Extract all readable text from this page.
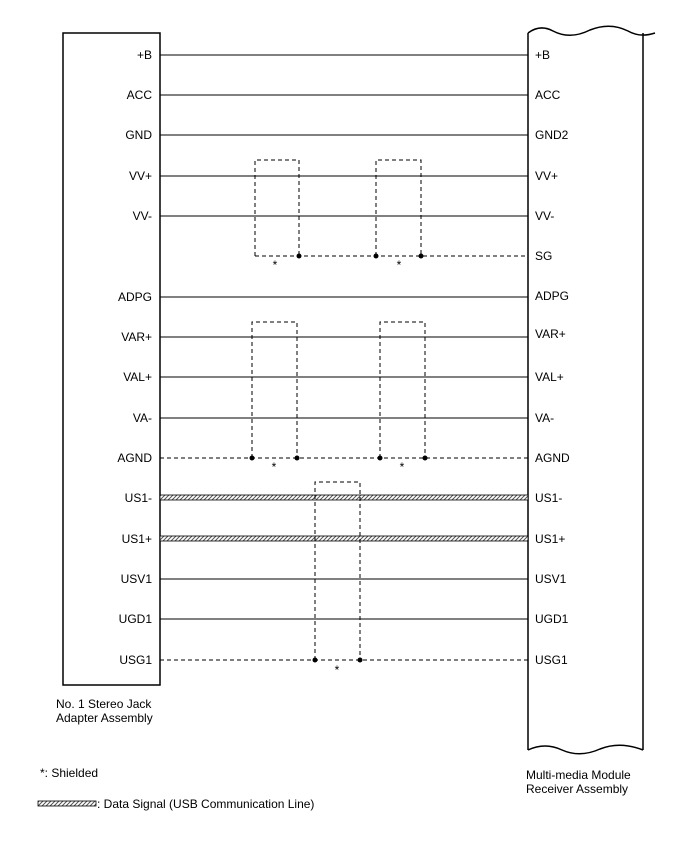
*	*
*	*
*
+B
ACC
GND
VV+
VV-
ADPG
VAR+
VAL+
VA-
AGND
US1-
US1+
USV1
UGD1
USG1
+B
ACC
GND2
VV+
VV-
SG
ADPG
VAR+
VAL+
VA-
AGND
US1-
US1+
USV1
UGD1
USG1
No. 1 Stereo Jack
Adapter Assembly
Multi-media Module
Receiver Assembly
*: Shielded
: Data Signal (USB Communication Line)
